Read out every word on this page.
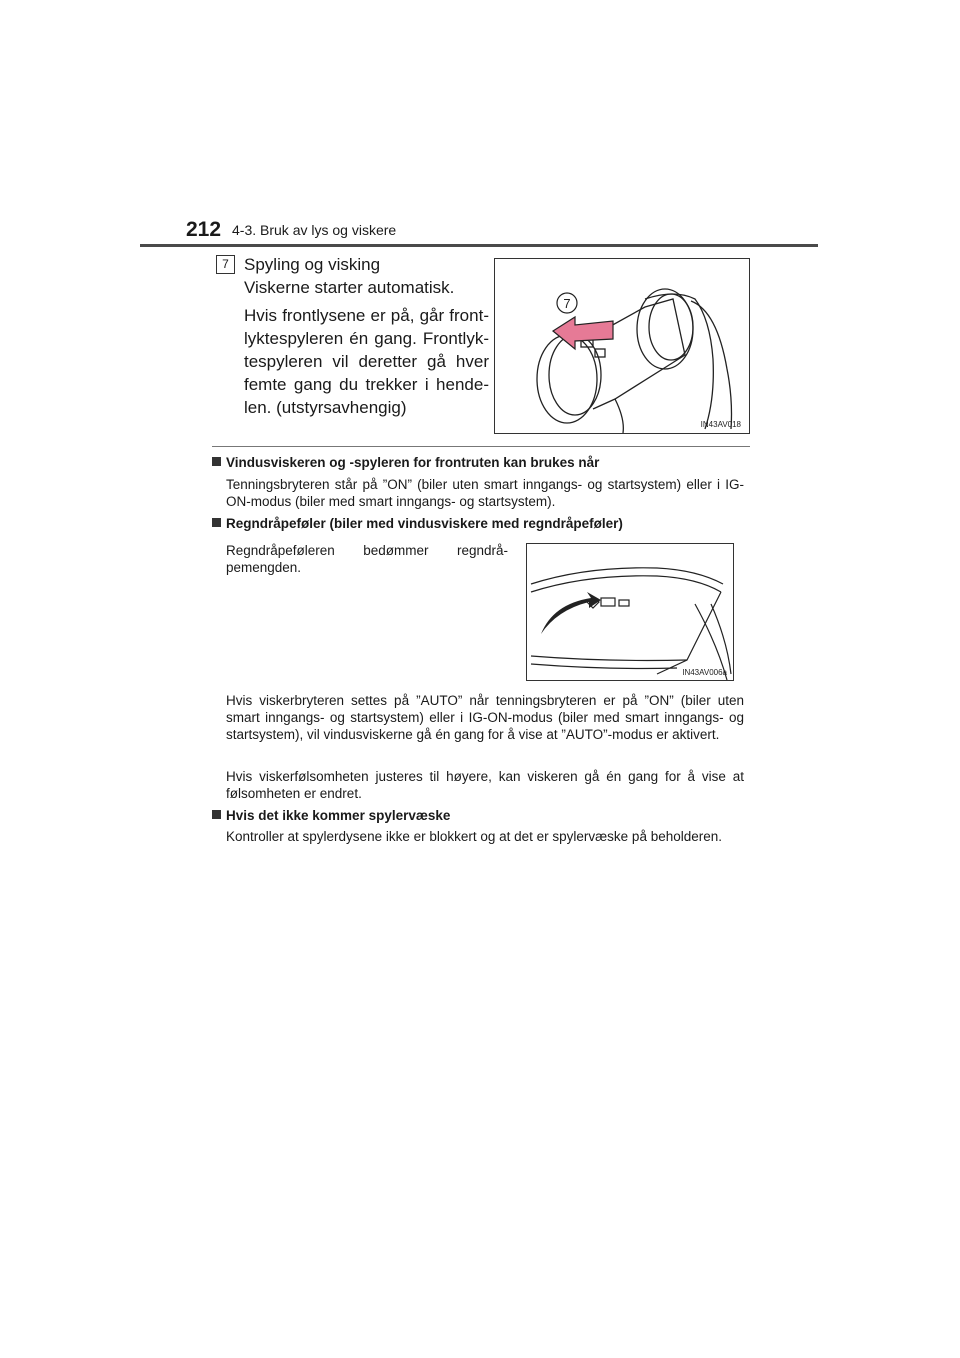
212 4-3. Bruk av lys og viskere
7 Spyling og visking
Viskerne starter automatisk.
Hvis frontlysene er på, går frontlyktespyleren én gang. Frontlyktespyleren vil deretter gå hver femte gang du trekker i hendelen. (utstyrsavhengig)
7
IN43AV018
Vindusviskeren og -spyleren for frontruten kan brukes når
Tenningsbryteren står på ”ON” (biler uten smart inngangs- og startsystem) eller i IG-ON-modus (biler med smart inngangs- og startsystem).
Regndråpeføler (biler med vindusviskere med regndråpeføler)
Regndråpeføleren bedømmer regndråpemengden.
IN43AV006a
Hvis viskerbryteren settes på ”AUTO” når tenningsbryteren er på ”ON” (biler uten smart inngangs- og startsystem) eller i IG-ON-modus (biler med smart inngangs- og startsystem), vil vindusviskerne gå én gang for å vise at ”AUTO”-modus er aktivert.
Hvis viskerfølsomheten justeres til høyere, kan viskeren gå én gang for å vise at følsomheten er endret.
Hvis det ikke kommer spylervæske
Kontroller at spylerdysene ikke er blokkert og at det er spylervæske på beholderen.
